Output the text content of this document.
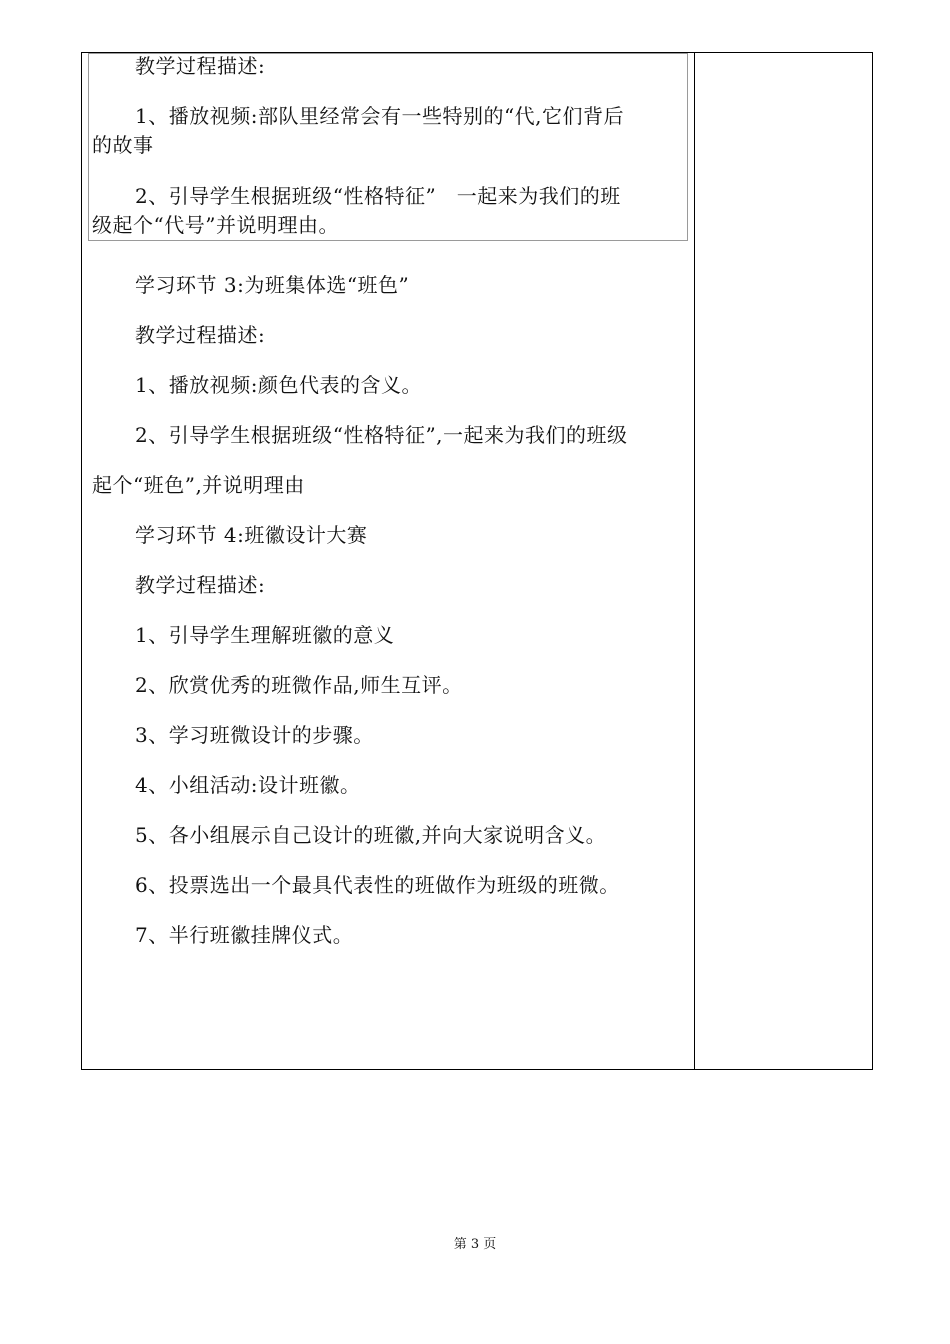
教学过程描述:
1、播放视频:部队里经常会有一些特别的“代,它们背后
的故事
2、引导学生根据班级“性格特征”   一起来为我们的班
级起个“代号”并说明理由。
学习环节 3:为班集体选“班色”
教学过程描述:
1、播放视频:颜色代表的含义。
2、引导学生根据班级“性格特征”,一起来为我们的班级
起个“班色”,并说明理由
学习环节 4:班徽设计大赛
教学过程描述:
1、引导学生理解班徽的意义
2、欣赏优秀的班微作品,师生互评。
3、学习班微设计的步骤。
4、小组活动:设计班徽。
5、各小组展示自己设计的班徽,并向大家说明含义。
6、投票选出一个最具代表性的班做作为班级的班微。
7、半行班徽挂牌仪式。
第 3 页
